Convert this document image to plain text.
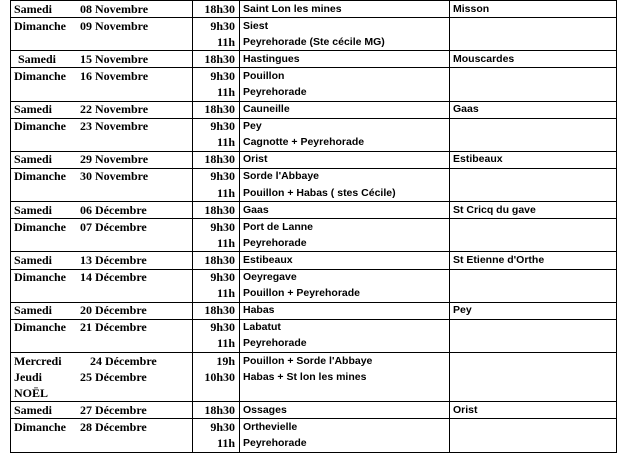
Samedi 08 Novembre	18h30	Saint Lon les mines	Misson
Dimanche 09 Novembre	9h30	Siest	
	11h	Peyrehorade (Ste cécile MG)	
Samedi 15 Novembre	18h30	Hastingues	Mouscardes
Dimanche 16 Novembre	9h30	Pouillon	
	11h	Peyrehorade	
Samedi 22 Novembre	18h30	Cauneille	Gaas
Dimanche 23 Novembre	9h30	Pey	
	11h	Cagnotte + Peyrehorade	
Samedi 29 Novembre	18h30	Orist	Estibeaux
Dimanche 30 Novembre	9h30	Sorde l'Abbaye	
	11h	Pouillon + Habas ( stes Cécile)	
Samedi 06 Décembre	18h30	Gaas	St Cricq du gave
Dimanche 07 Décembre	9h30	Port de Lanne	
	11h	Peyrehorade	
Samedi 13 Décembre	18h30	Estibeaux	St Etienne d'Orthe
Dimanche 14 Décembre	9h30	Oeyregave	
	11h	Pouillon + Peyrehorade	
Samedi 20 Décembre	18h30	Habas	Pey
Dimanche 21 Décembre	9h30	Labatut	
	11h	Peyrehorade	
Mercredi 24 Décembre	19h	Pouillon + Sorde l'Abbaye	
Jeudi 25 Décembre	10h30	Habas + St lon les mines	
NOËL			
Samedi 27 Décembre	18h30	Ossages	Orist
Dimanche 28 Décembre	9h30	Orthevielle	
	11h	Peyrehorade	
